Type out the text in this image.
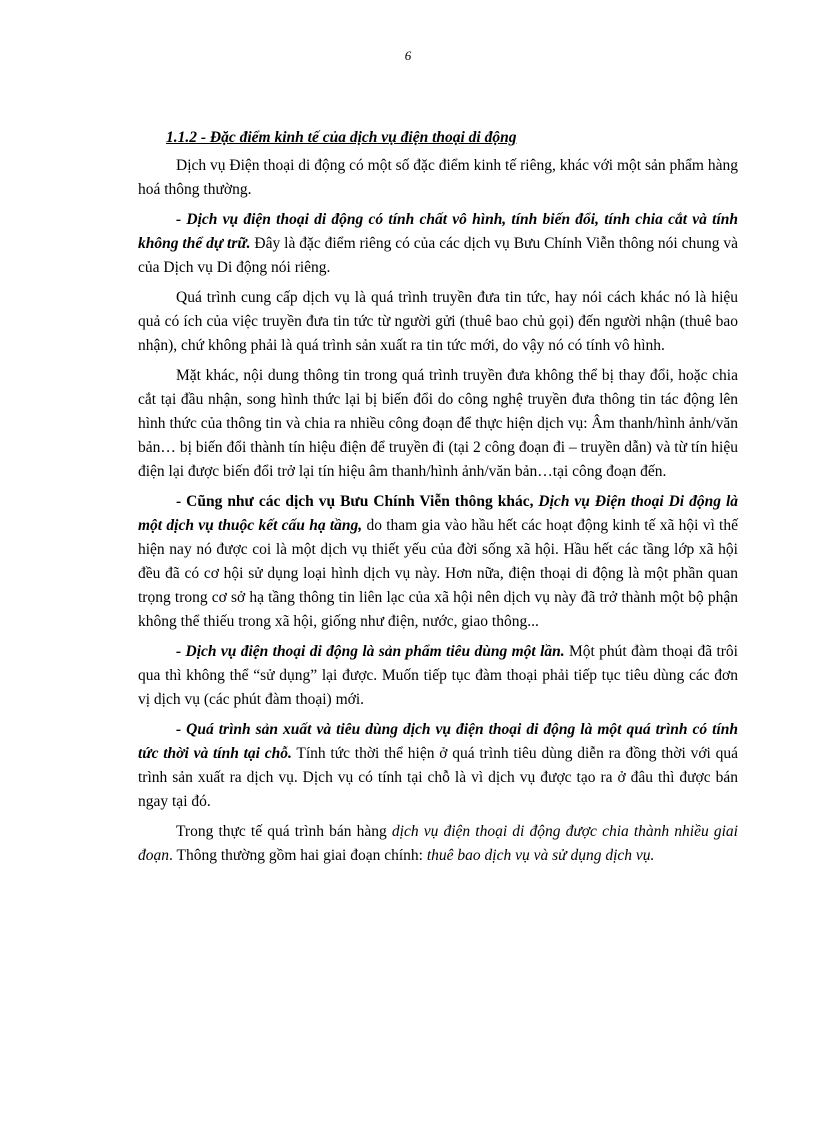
6
1.1.2 - Đặc điểm kinh tế của dịch vụ điện thoại di động

Dịch vụ Điện thoại di động có một số đặc điểm kinh tế riêng, khác với một sản phẩm hàng hoá thông thường.

- Dịch vụ điện thoại di động có tính chất vô hình, tính biến đổi, tính chia cắt và tính không thể dự trữ. Đây là đặc điểm riêng có của các dịch vụ Bưu Chính Viễn thông nói chung và của Dịch vụ Di động nói riêng.

Quá trình cung cấp dịch vụ là quá trình truyền đưa tin tức, hay nói cách khác nó là hiệu quả có ích của việc truyền đưa tin tức từ người gửi (thuê bao chủ gọi) đến người nhận (thuê bao nhận), chứ không phải là quá trình sản xuất ra tin tức mới, do vậy nó có tính vô hình.

Mặt khác, nội dung thông tin trong quá trình truyền đưa không thể bị thay đổi, hoặc chia cắt tại đầu nhận, song hình thức lại bị biến đổi do công nghệ truyền đưa thông tin tác động lên hình thức của thông tin và chia ra nhiều công đoạn để thực hiện dịch vụ: Âm thanh/hình ảnh/văn bản… bị biến đổi thành tín hiệu điện để truyền đi (tại 2 công đoạn đi – truyền dẫn) và từ tín hiệu điện lại được biến đổi trở lại tín hiệu âm thanh/hình ảnh/văn bản…tại công đoạn đến.

- Cũng như các dịch vụ Bưu Chính Viễn thông khác, Dịch vụ Điện thoại Di động là một dịch vụ thuộc kết cấu hạ tầng, do tham gia vào hầu hết các hoạt động kinh tế xã hội vì thế hiện nay nó được coi là một dịch vụ thiết yếu của đời sống xã hội. Hầu hết các tầng lớp xã hội đều đã có cơ hội sử dụng loại hình dịch vụ này. Hơn nữa, điện thoại di động là một phần quan trọng trong cơ sở hạ tầng thông tin liên lạc của xã hội nên dịch vụ này đã trở thành một bộ phận không thể thiếu trong xã hội, giống như điện, nước, giao thông...

- Dịch vụ điện thoại di động là sản phẩm tiêu dùng một lần. Một phút đàm thoại đã trôi qua thì không thể “sử dụng” lại được. Muốn tiếp tục đàm thoại phải tiếp tục tiêu dùng các đơn vị dịch vụ (các phút đàm thoại) mới.

- Quá trình sản xuất và tiêu dùng dịch vụ điện thoại di động là một quá trình có tính tức thời và tính tại chỗ. Tính tức thời thể hiện ở quá trình tiêu dùng diễn ra đồng thời với quá trình sản xuất ra dịch vụ. Dịch vụ có tính tại chỗ là vì dịch vụ được tạo ra ở đâu thì được bán ngay tại đó.

Trong thực tế quá trình bán hàng dịch vụ điện thoại di động được chia thành nhiều giai đoạn. Thông thường gồm hai giai đoạn chính: thuê bao dịch vụ và sử dụng dịch vụ.
